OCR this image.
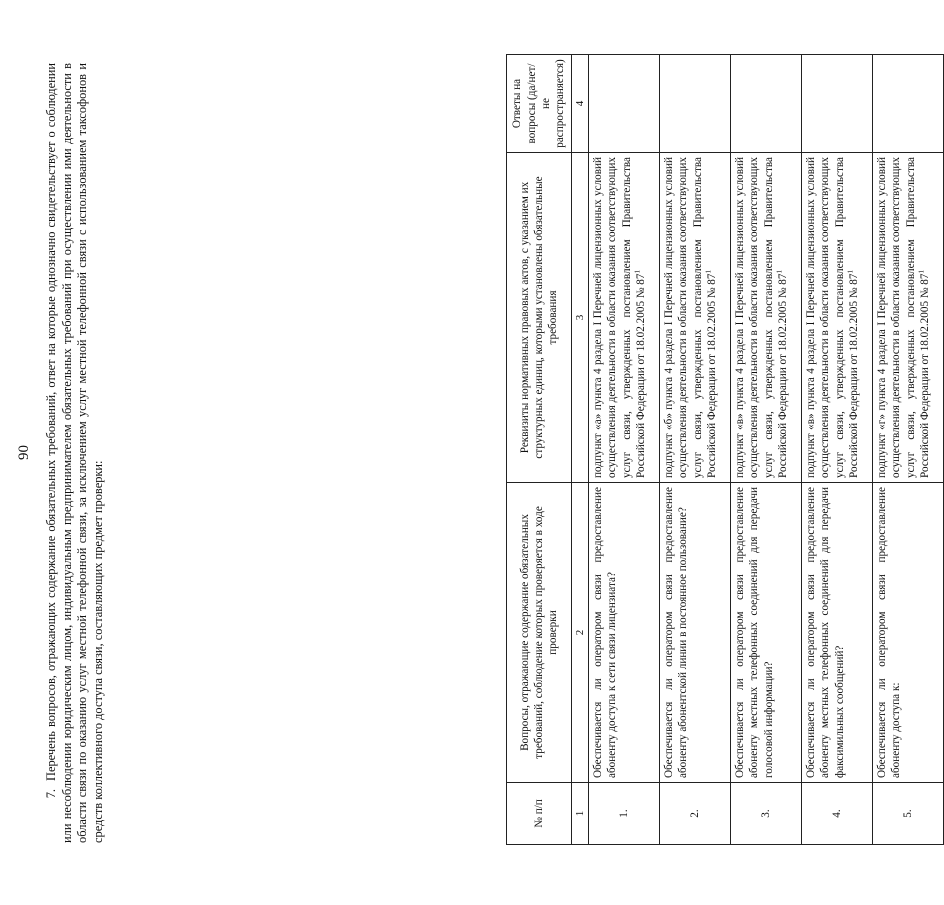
90
7.Перечень вопросов, отражающих содержание обязательных требований, ответ на которые однозначно свидетельствует о соблюдении или несоблюдении юридическим лицом, индивидуальным предпринимателем обязательных требований при осуществлении ими деятельности в области связи по оказанию услуг местной телефонной связи, за исключением услуг местной телефонной связи с использованием таксофонов и средств коллективного доступа связи, составляющих предмет проверки:	№ п/п	Вопросы, отражающие содержание обязательных требований, соблюдение которых проверяется в ходе проверки	Реквизиты нормативных правовых актов, с указанием их структурных единиц, которыми установлены обязательные требования	Ответы на вопросы (да/нет/не распространяется)
1	2	3	4
1.	Обеспечивается ли оператором связи предоставление абоненту доступа к сети связи лицензиата?	подпункт «а» пункта 4 раздела I Перечней лицензионных условий осуществления деятельности в области оказания соответствующих услуг связи, утвержденных постановлением Правительства Российской Федерации от 18.02.2005 № $87^1$	
2.	Обеспечивается ли оператором связи предоставление абоненту абонентской линии в постоянное пользование?	подпункт «б» пункта 4 раздела I Перечней лицензионных условий осуществления деятельности в области оказания соответствующих услуг связи, утвержденных постановлением Правительства Российской Федерации от 18.02.2005 № $87^1$	
3.	Обеспечивается ли оператором связи предоставление абоненту местных телефонных соединений для передачи голосовой информации?	подпункт «в» пункта 4 раздела I Перечней лицензионных условий осуществления деятельности в области оказания соответствующих услуг связи, утвержденных постановлением Правительства Российской Федерации от 18.02.2005 № $87^1$	
4.	Обеспечивается ли оператором связи предоставление абоненту местных телефонных соединений для передачи факсимильных сообщений?	подпункт «в» пункта 4 раздела I Перечней лицензионных условий осуществления деятельности в области оказания соответствующих услуг связи, утвержденных постановлением Правительства Российской Федерации от 18.02.2005 № $87^1$	
5.	Обеспечивается ли оператором связи предоставление абоненту доступа к:	подпункт «г» пункта 4 раздела I Перечней лицензионных условий осуществления деятельности в области оказания соответствующих услуг связи, утвержденных постановлением Правительства Российской Федерации от 18.02.2005 № $87^1$	
